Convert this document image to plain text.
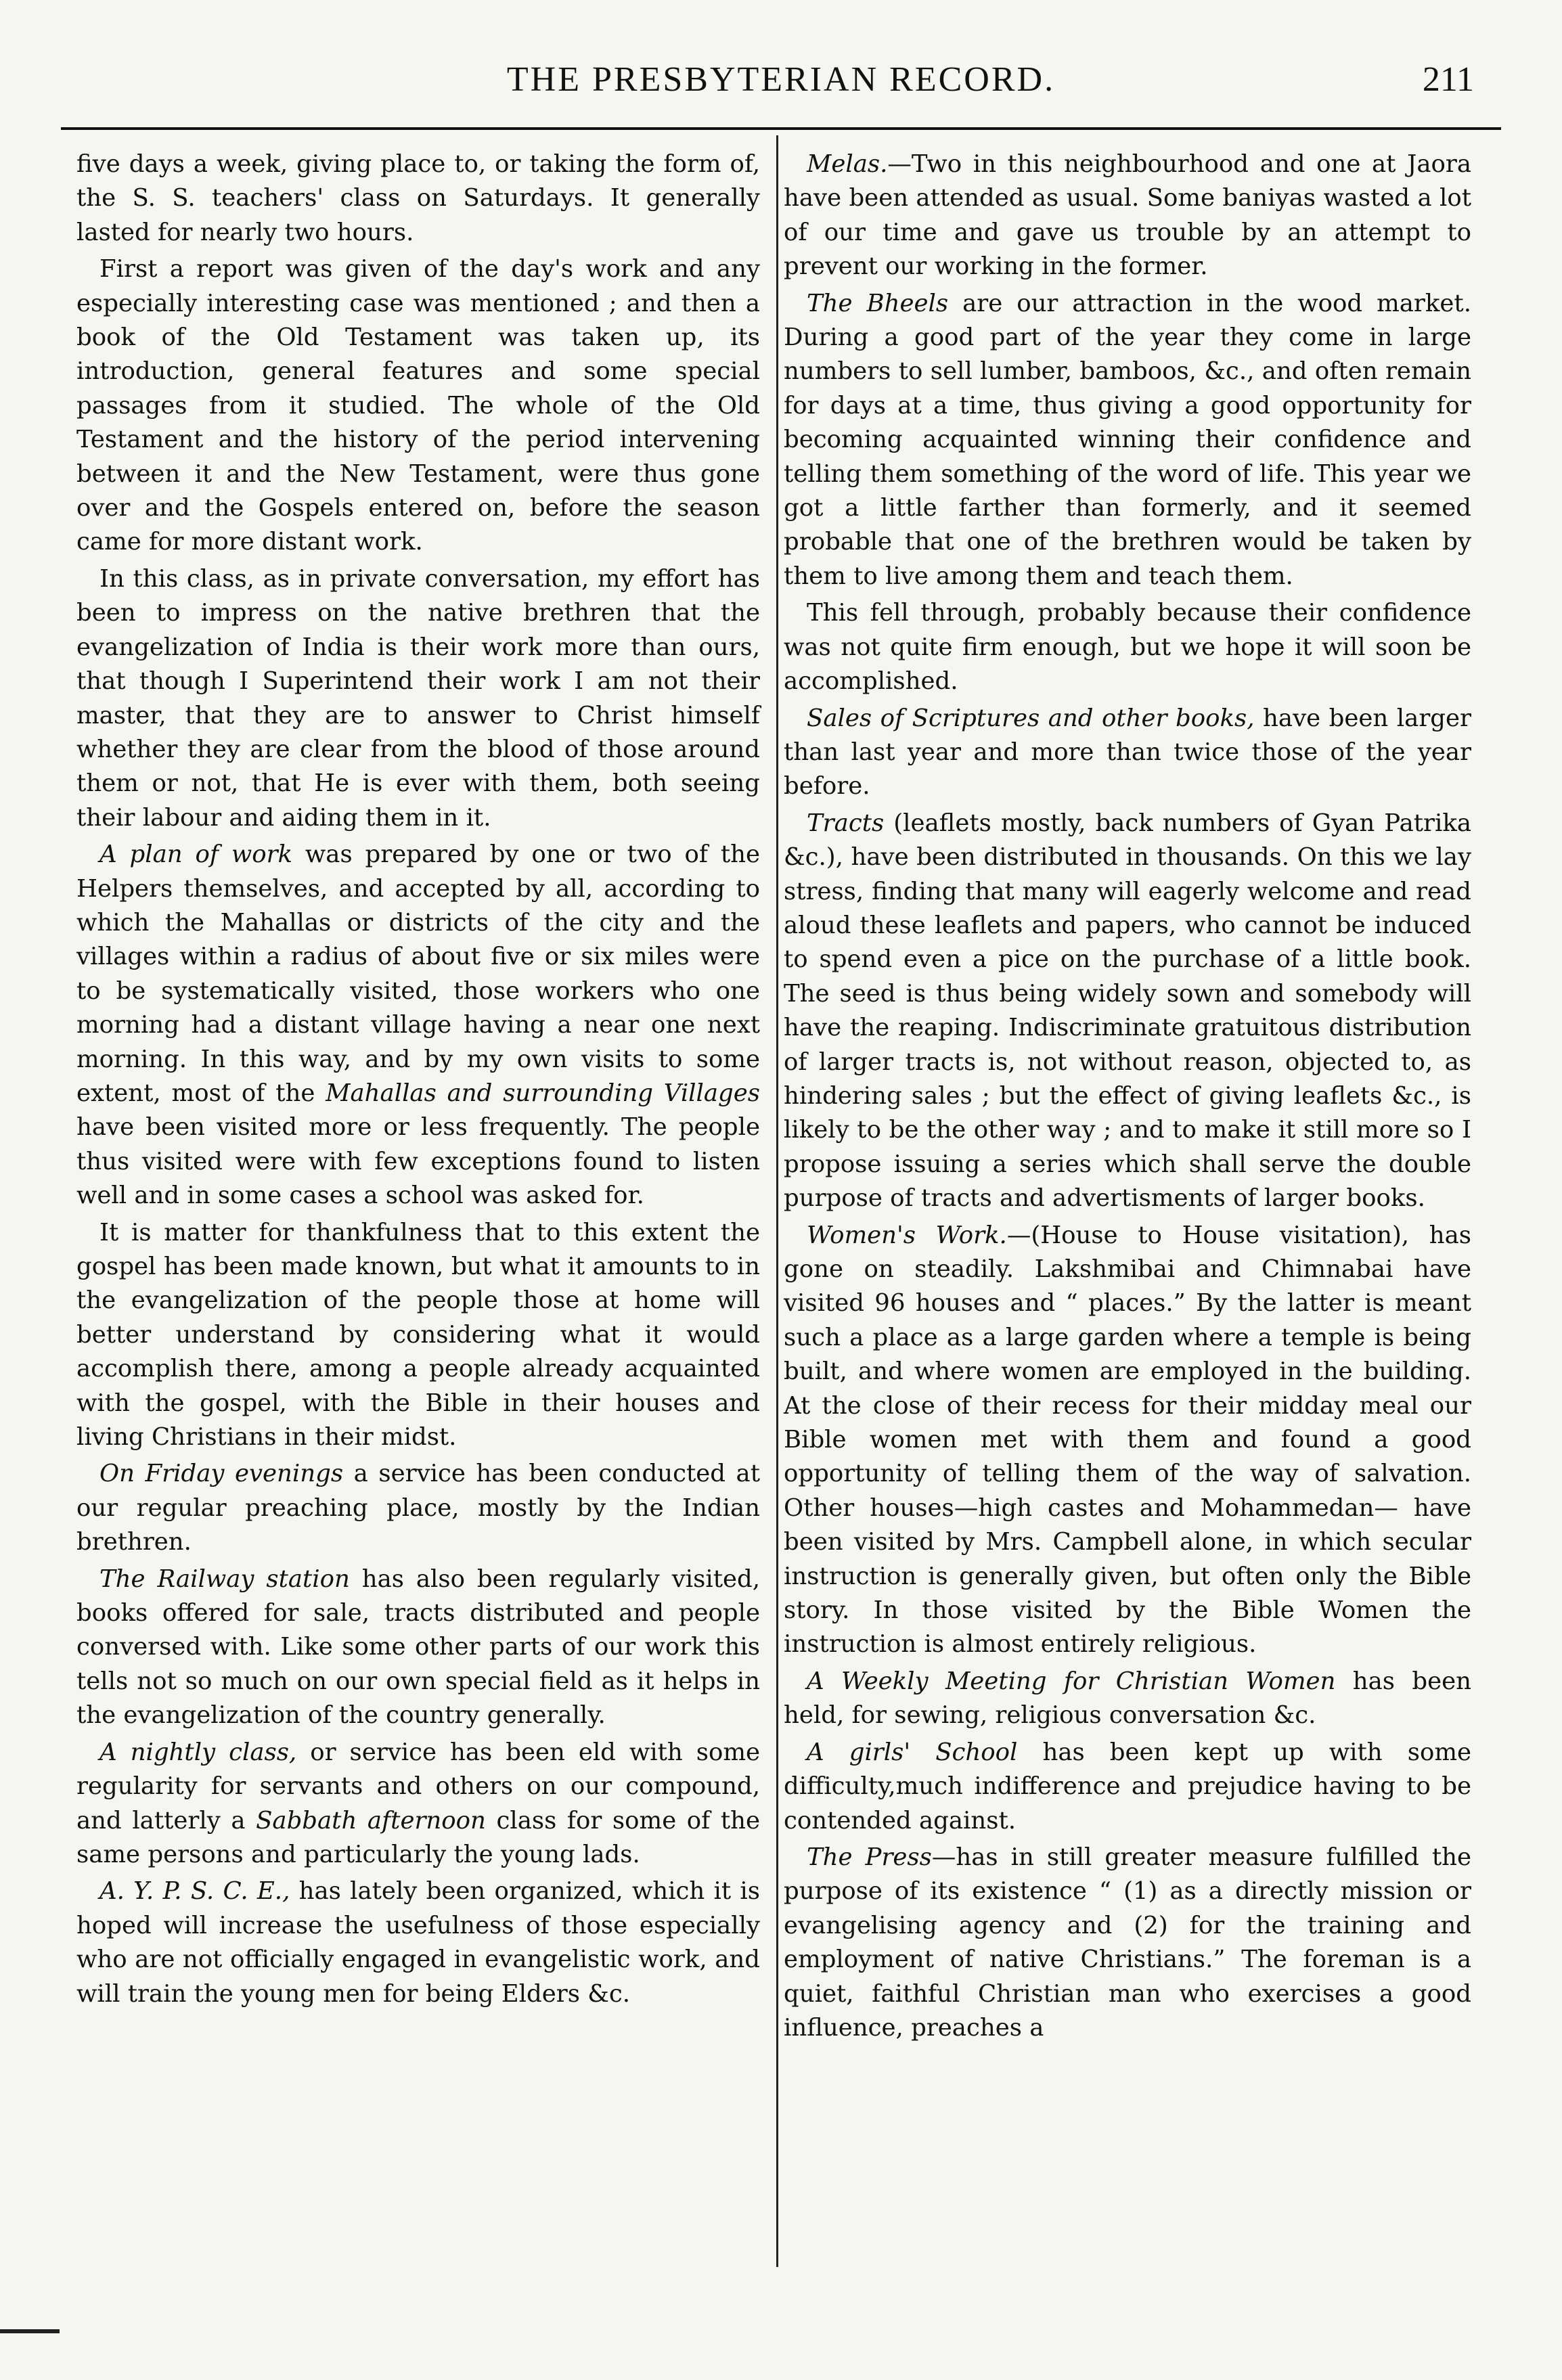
THE PRESBYTERIAN RECORD.	211

five days a week, giving place to, or taking the form of, the S. S. teachers' class on Saturdays. It generally lasted for nearly two hours.

First a report was given of the day's work and any especially interesting case was mentioned ; and then a book of the Old Testament was taken up, its introduction, general features and some special passages from it studied. The whole of the Old Testament and the history of the period intervening between it and the New Testament, were thus gone over and the Gospels entered on, before the season came for more distant work.

In this class, as in private conversation, my effort has been to impress on the native brethren that the evangelization of India is their work more than ours, that though I Superintend their work I am not their master, that they are to answer to Christ himself whether they are clear from the blood of those around them or not, that He is ever with them, both seeing their labour and aiding them in it.

A plan of work was prepared by one or two of the Helpers themselves, and accepted by all, according to which the Mahallas or districts of the city and the villages within a radius of about five or six miles were to be systematically visited, those workers who one morning had a distant village having a near one next morning. In this way, and by my own visits to some extent, most of the Mahallas and surrounding Villages have been visited more or less frequently. The people thus visited were with few exceptions found to listen well and in some cases a school was asked for.

It is matter for thankfulness that to this extent the gospel has been made known, but what it amounts to in the evangelization of the people those at home will better understand by considering what it would accomplish there, among a people already acquainted with the gospel, with the Bible in their houses and living Christians in their midst.

On Friday evenings a service has been conducted at our regular preaching place, mostly by the Indian brethren.

The Railway station has also been regularly visited, books offered for sale, tracts distributed and people conversed with. Like some other parts of our work this tells not so much on our own special field as it helps in the evangelization of the country generally.

A nightly class, or service has been eld with some regularity for servants and others on our compound, and latterly a Sabbath afternoon class for some of the same persons and particularly the young lads.

A. Y. P. S. C. E., has lately been organized, which it is hoped will increase the usefulness of those especially who are not officially engaged in evangelistic work, and will train the young men for being Elders &c.

Melas.—Two in this neighbourhood and one at Jaora have been attended as usual. Some baniyas wasted a lot of our time and gave us trouble by an attempt to prevent our working in the former.

The Bheels are our attraction in the wood market. During a good part of the year they come in large numbers to sell lumber, bamboos, &c., and often remain for days at a time, thus giving a good opportunity for becoming acquainted winning their confidence and telling them something of the word of life. This year we got a little farther than formerly, and it seemed probable that one of the brethren would be taken by them to live among them and teach them.

This fell through, probably because their confidence was not quite firm enough, but we hope it will soon be accomplished.

Sales of Scriptures and other books, have been larger than last year and more than twice those of the year before.

Tracts (leaflets mostly, back numbers of Gyan Patrika &c.), have been distributed in thousands. On this we lay stress, finding that many will eagerly welcome and read aloud these leaflets and papers, who cannot be induced to spend even a pice on the purchase of a little book. The seed is thus being widely sown and somebody will have the reaping. Indiscriminate gratuitous distribution of larger tracts is, not without reason, objected to, as hindering sales ; but the effect of giving leaflets &c., is likely to be the other way ; and to make it still more so I propose issuing a series which shall serve the double purpose of tracts and advertisments of larger books.

Women's Work.—(House to House visitation), has gone on steadily. Lakshmibai and Chimnabai have visited 96 houses and “ places.” By the latter is meant such a place as a large garden where a temple is being built, and where women are employed in the building. At the close of their recess for their midday meal our Bible women met with them and found a good opportunity of telling them of the way of salvation. Other houses—high castes and Mohammedan— have been visited by Mrs. Campbell alone, in which secular instruction is generally given, but often only the Bible story. In those visited by the Bible Women the instruction is almost entirely religious.

A Weekly Meeting for Christian Women has been held, for sewing, religious conversation &c.

A girls' School has been kept up with some difficulty,much indifference and prejudice having to be contended against.

The Press—has in still greater measure fulfilled the purpose of its existence “ (1) as a directly mission or evangelising agency and (2) for the training and employment of native Christians.” The foreman is a quiet, faithful Christian man who exercises a good influence, preaches a
